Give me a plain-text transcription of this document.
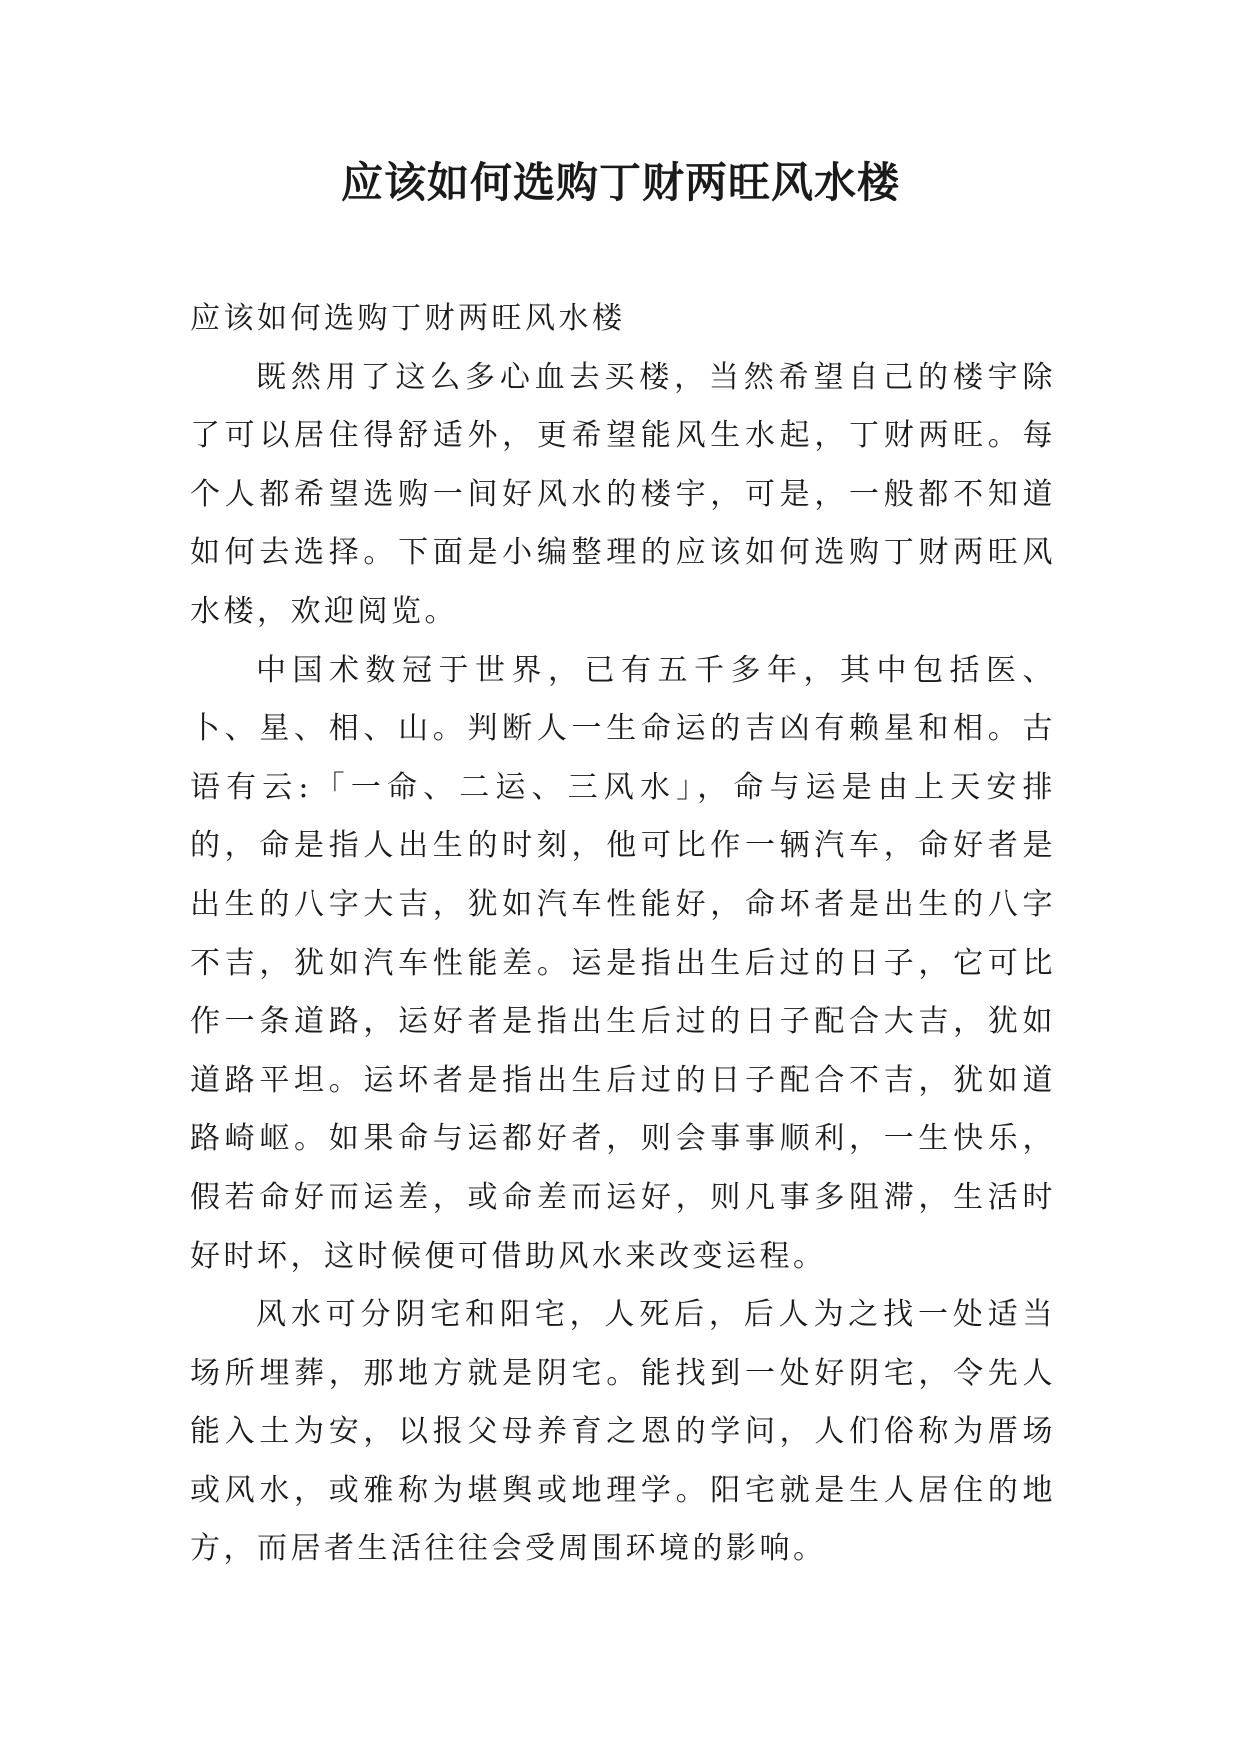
应该如何选购丁财两旺风水楼

应该如何选购丁财两旺风水楼

既然用了这么多心血去买楼，当然希望自己的楼宇除了可以居住得舒适外，更希望能风生水起，丁财两旺。每个人都希望选购一间好风水的楼宇，可是，一般都不知道如何去选择。下面是小编整理的应该如何选购丁财两旺风水楼，欢迎阅览。

中国术数冠于世界，已有五千多年，其中包括医、卜、星、相、山。判断人一生命运的吉凶有赖星和相。古语有云:「一命、二运、三风水」，命与运是由上天安排的，命是指人出生的时刻，他可比作一辆汽车，命好者是出生的八字大吉，犹如汽车性能好，命坏者是出生的八字不吉，犹如汽车性能差。运是指出生后过的日子，它可比作一条道路，运好者是指出生后过的日子配合大吉，犹如道路平坦。运坏者是指出生后过的日子配合不吉，犹如道路崎岖。如果命与运都好者，则会事事顺利，一生快乐，假若命好而运差，或命差而运好，则凡事多阻滞，生活时好时坏，这时候便可借助风水来改变运程。

风水可分阴宅和阳宅，人死后，后人为之找一处适当场所埋葬，那地方就是阴宅。能找到一处好阴宅，令先人能入土为安，以报父母养育之恩的学问，人们俗称为厝场或风水，或雅称为堪舆或地理学。阳宅就是生人居住的地方，而居者生活往往会受周围环境的影响。
